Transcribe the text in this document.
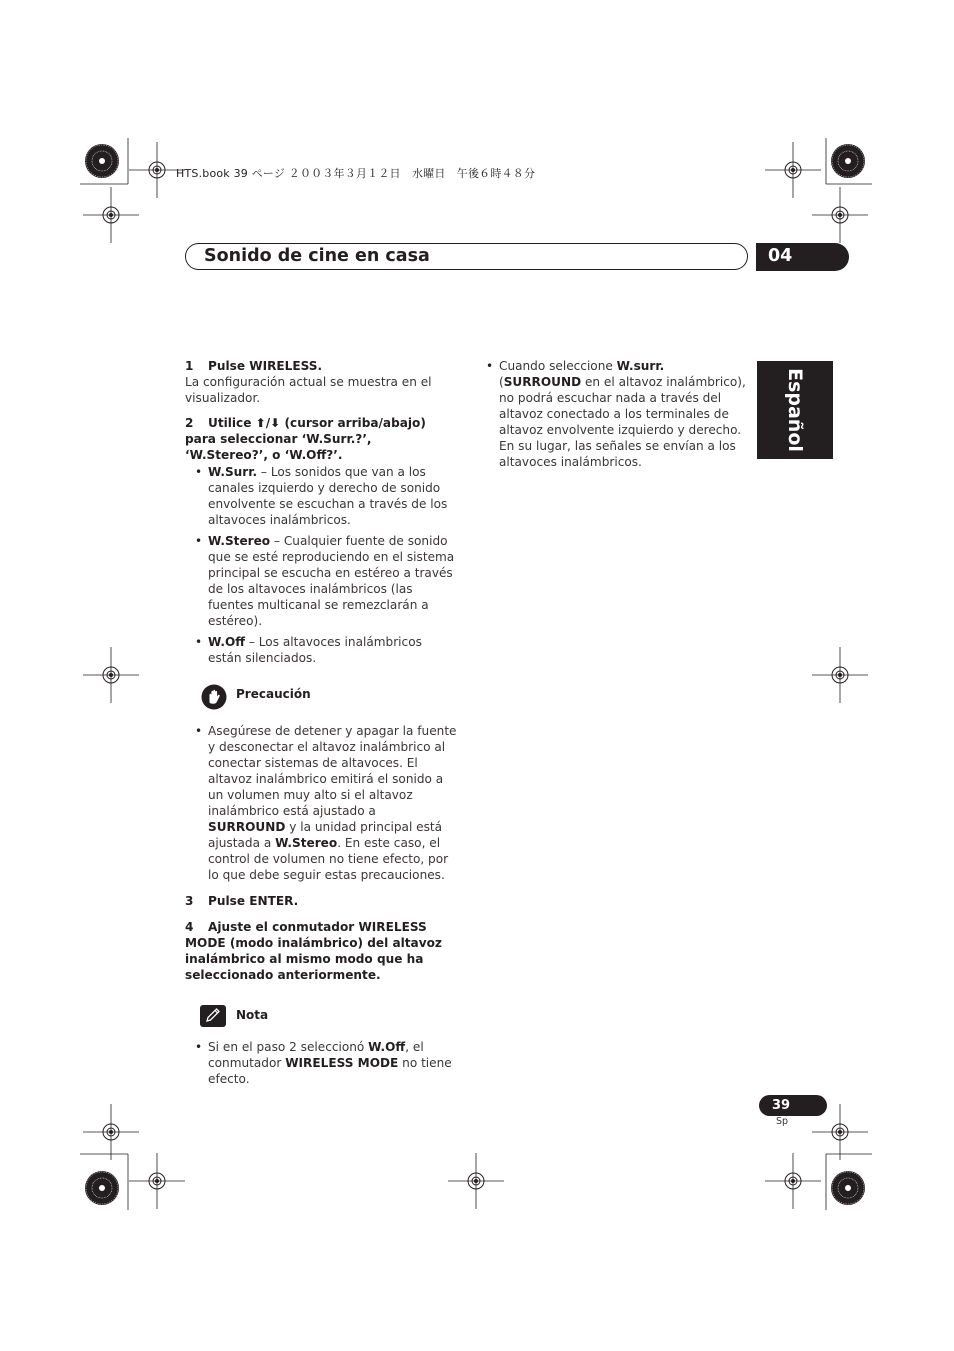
HTS.book 39 ページ ２００３年３月１２日　水曜日　午後６時４８分
Sonido de cine en casa	04
Español
1 Pulse WIRELESS.
La configuración actual se muestra en el visualizador.
2 Utilice ⬆/⬇ (cursor arriba/abajo) para seleccionar ‘W.Surr.?’, ‘W.Stereo?’, o ‘W.Off?’.
• W.Surr. – Los sonidos que van a los canales izquierdo y derecho de sonido envolvente se escuchan a través de los altavoces inalámbricos.
• W.Stereo – Cualquier fuente de sonido que se esté reproduciendo en el sistema principal se escucha en estéreo a través de los altavoces inalámbricos (las fuentes multicanal se remezclarán a estéreo).
• W.Off – Los altavoces inalámbricos están silenciados.
Precaución
• Asegúrese de detener y apagar la fuente y desconectar el altavoz inalámbrico al conectar sistemas de altavoces. El altavoz inalámbrico emitirá el sonido a un volumen muy alto si el altavoz inalámbrico está ajustado a SURROUND y la unidad principal está ajustada a W.Stereo. En este caso, el control de volumen no tiene efecto, por lo que debe seguir estas precauciones.
3 Pulse ENTER.
4 Ajuste el conmutador WIRELESS MODE (modo inalámbrico) del altavoz inalámbrico al mismo modo que ha seleccionado anteriormente.
Nota
• Si en el paso 2 seleccionó W.Off, el conmutador WIRELESS MODE no tiene efecto.
• Cuando seleccione W.surr. (SURROUND en el altavoz inalámbrico), no podrá escuchar nada a través del altavoz conectado a los terminales de altavoz envolvente izquierdo y derecho. En su lugar, las señales se envían a los altavoces inalámbricos.
39
Sp
